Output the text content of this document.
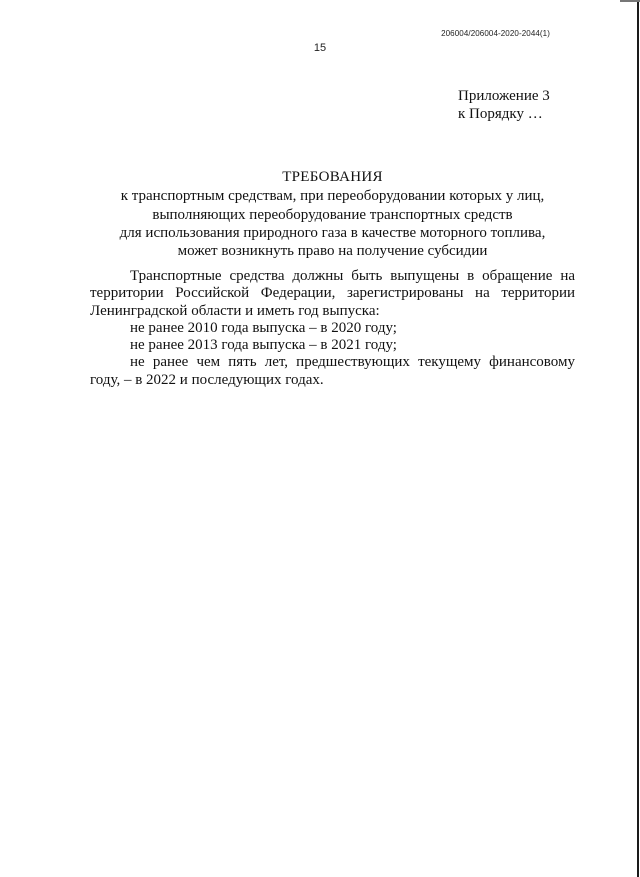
206004/206004-2020-2044(1)
15
Приложение 3
к Порядку …
ТРЕБОВАНИЯ
к транспортным средствам, при переоборудовании которых у лиц,
выполняющих переоборудование транспортных средств
для использования природного газа в качестве моторного топлива,
может возникнуть право на получение субсидии

Транспортные средства должны быть выпущены в обращение на территории Российской Федерации, зарегистрированы на территории Ленинградской области и иметь год выпуска:

не ранее 2010 года выпуска – в 2020 году;

не ранее 2013 года выпуска – в 2021 году;

не ранее чем пять лет, предшествующих текущему финансовому году, – в 2022 и последующих годах.
